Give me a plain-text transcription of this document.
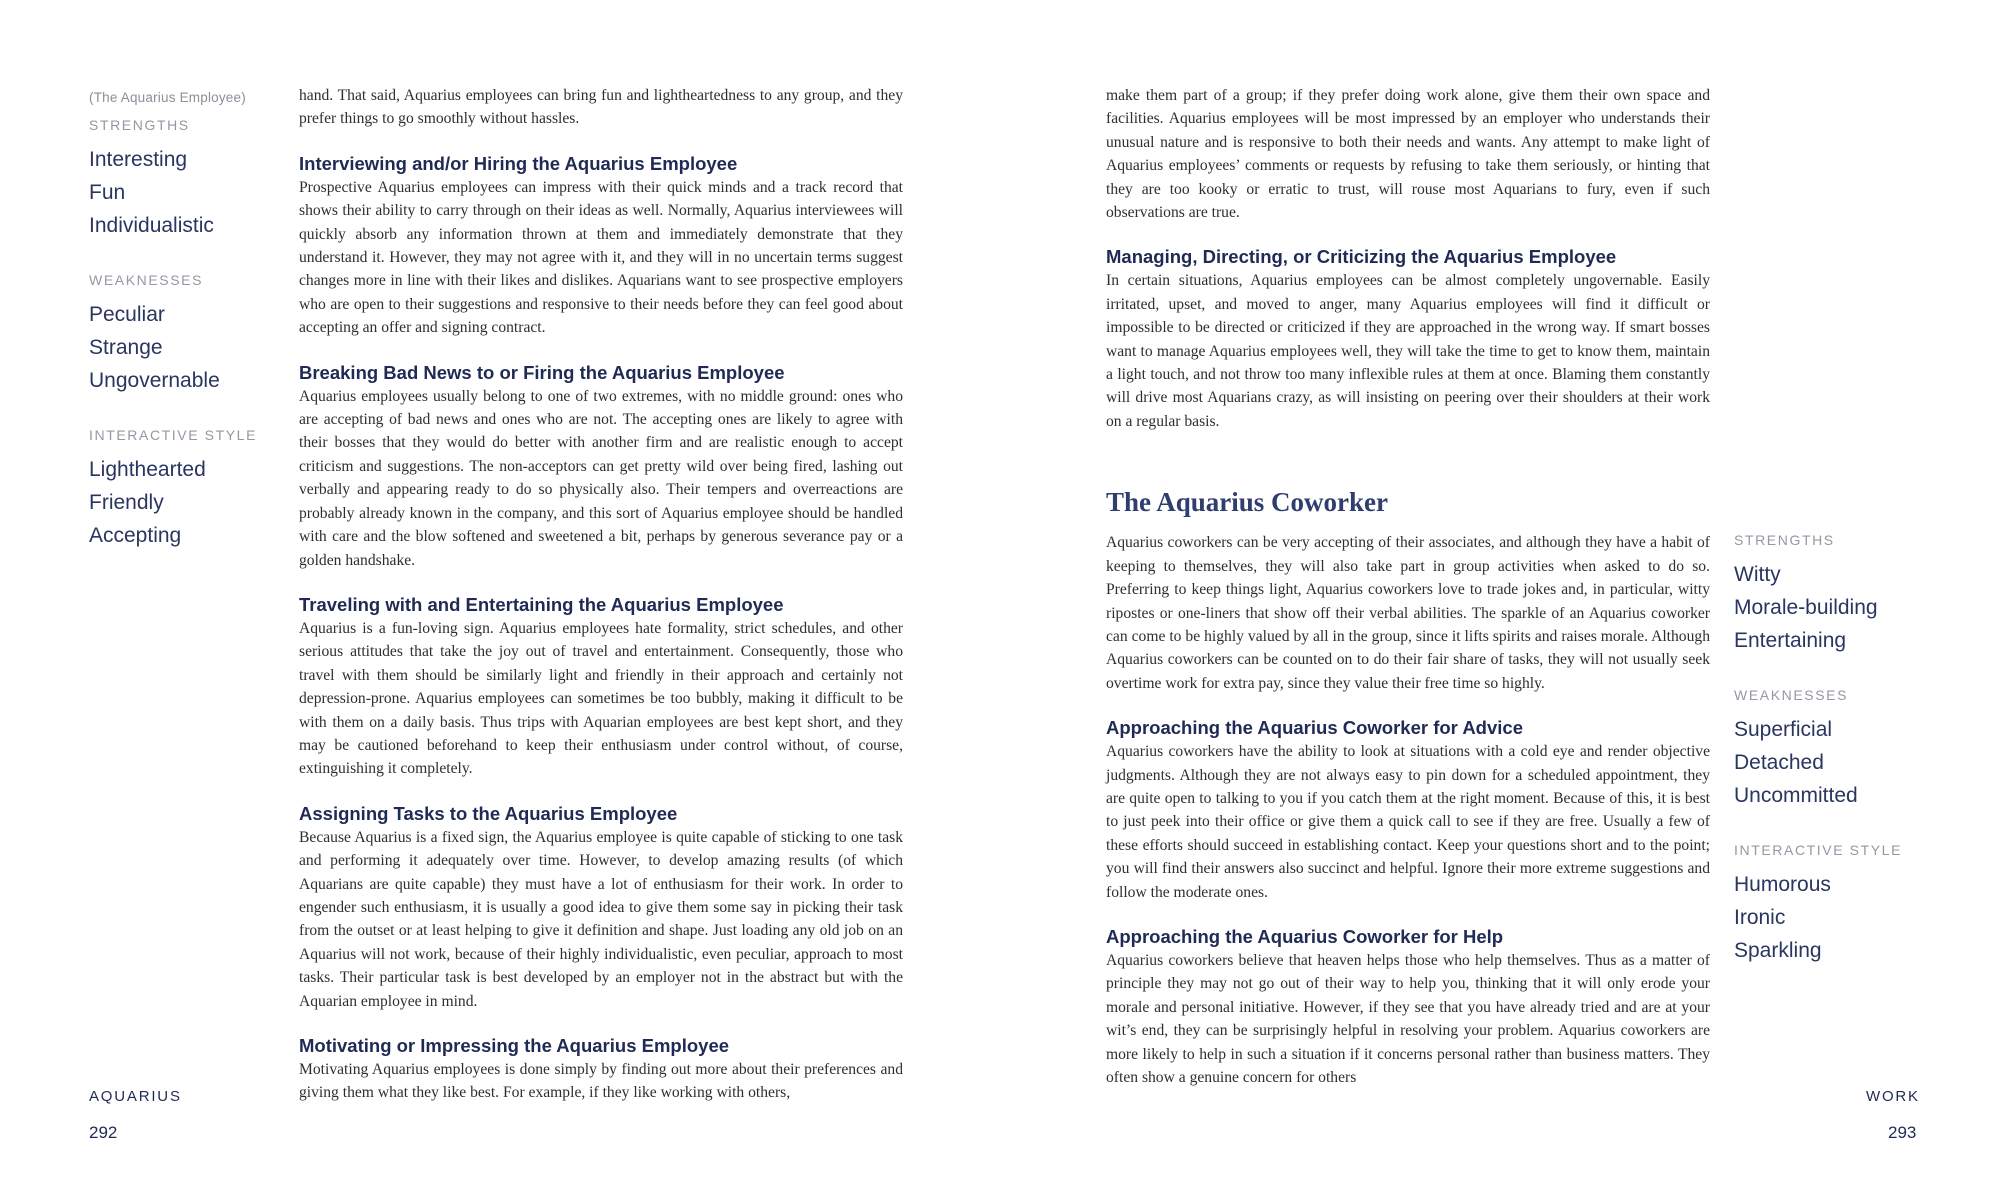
(The Aquarius Employee)
STRENGTHS
Interesting
Fun
Individualistic
WEAKNESSES
Peculiar
Strange
Ungovernable
INTERACTIVE STYLE
Lighthearted
Friendly
Accepting

hand. That said, Aquarius employees can bring fun and lightheartedness to any group, and they prefer things to go smoothly without hassles.

Interviewing and/or Hiring the Aquarius Employee

Prospective Aquarius employees can impress with their quick minds and a track record that shows their ability to carry through on their ideas as well. Normally, Aquarius interviewees will quickly absorb any information thrown at them and immediately demonstrate that they understand it. However, they may not agree with it, and they will in no uncertain terms suggest changes more in line with their likes and dislikes. Aquarians want to see prospective employers who are open to their suggestions and responsive to their needs before they can feel good about accepting an offer and signing contract.

Breaking Bad News to or Firing the Aquarius Employee

Aquarius employees usually belong to one of two extremes, with no middle ground: ones who are accepting of bad news and ones who are not. The accepting ones are likely to agree with their bosses that they would do better with another firm and are realistic enough to accept criticism and suggestions. The non-acceptors can get pretty wild over being fired, lashing out verbally and appearing ready to do so physically also. Their tempers and overreactions are probably already known in the company, and this sort of Aquarius employee should be handled with care and the blow softened and sweetened a bit, perhaps by generous severance pay or a golden handshake.

Traveling with and Entertaining the Aquarius Employee

Aquarius is a fun-loving sign. Aquarius employees hate formality, strict schedules, and other serious attitudes that take the joy out of travel and entertainment. Consequently, those who travel with them should be similarly light and friendly in their approach and certainly not depression-prone. Aquarius employees can sometimes be too bubbly, making it difficult to be with them on a daily basis. Thus trips with Aquarian employees are best kept short, and they may be cautioned beforehand to keep their enthusiasm under control without, of course, extinguishing it completely.

Assigning Tasks to the Aquarius Employee

Because Aquarius is a fixed sign, the Aquarius employee is quite capable of sticking to one task and performing it adequately over time. However, to develop amazing results (of which Aquarians are quite capable) they must have a lot of enthusiasm for their work. In order to engender such enthusiasm, it is usually a good idea to give them some say in picking their task from the outset or at least helping to give it definition and shape. Just loading any old job on an Aquarius will not work, because of their highly individualistic, even peculiar, approach to most tasks. Their particular task is best developed by an employer not in the abstract but with the Aquarian employee in mind.

Motivating or Impressing the Aquarius Employee

Motivating Aquarius employees is done simply by finding out more about their preferences and giving them what they like best. For example, if they like working with others,

AQUARIUS
292

make them part of a group; if they prefer doing work alone, give them their own space and facilities. Aquarius employees will be most impressed by an employer who understands their unusual nature and is responsive to both their needs and wants. Any attempt to make light of Aquarius employees’ comments or requests by refusing to take them seriously, or hinting that they are too kooky or erratic to trust, will rouse most Aquarians to fury, even if such observations are true.

Managing, Directing, or Criticizing the Aquarius Employee

In certain situations, Aquarius employees can be almost completely ungovernable. Easily irritated, upset, and moved to anger, many Aquarius employees will find it difficult or impossible to be directed or criticized if they are approached in the wrong way. If smart bosses want to manage Aquarius employees well, they will take the time to get to know them, maintain a light touch, and not throw too many inflexible rules at them at once. Blaming them constantly will drive most Aquarians crazy, as will insisting on peering over their shoulders at their work on a regular basis.

The Aquarius Coworker

Aquarius coworkers can be very accepting of their associates, and although they have a habit of keeping to themselves, they will also take part in group activities when asked to do so. Preferring to keep things light, Aquarius coworkers love to trade jokes and, in particular, witty ripostes or one-liners that show off their verbal abilities. The sparkle of an Aquarius coworker can come to be highly valued by all in the group, since it lifts spirits and raises morale. Although Aquarius coworkers can be counted on to do their fair share of tasks, they will not usually seek overtime work for extra pay, since they value their free time so highly.

Approaching the Aquarius Coworker for Advice

Aquarius coworkers have the ability to look at situations with a cold eye and render objective judgments. Although they are not always easy to pin down for a scheduled appointment, they are quite open to talking to you if you catch them at the right moment. Because of this, it is best to just peek into their office or give them a quick call to see if they are free. Usually a few of these efforts should succeed in establishing contact. Keep your questions short and to the point; you will find their answers also succinct and helpful. Ignore their more extreme suggestions and follow the moderate ones.

Approaching the Aquarius Coworker for Help

Aquarius coworkers believe that heaven helps those who help themselves. Thus as a matter of principle they may not go out of their way to help you, thinking that it will only erode your morale and personal initiative. However, if they see that you have already tried and are at your wit’s end, they can be surprisingly helpful in resolving your problem. Aquarius coworkers are more likely to help in such a situation if it concerns personal rather than business matters. They often show a genuine concern for others

STRENGTHS
Witty
Morale-building
Entertaining
WEAKNESSES
Superficial
Detached
Uncommitted
INTERACTIVE STYLE
Humorous
Ironic
Sparkling
WORK
293
